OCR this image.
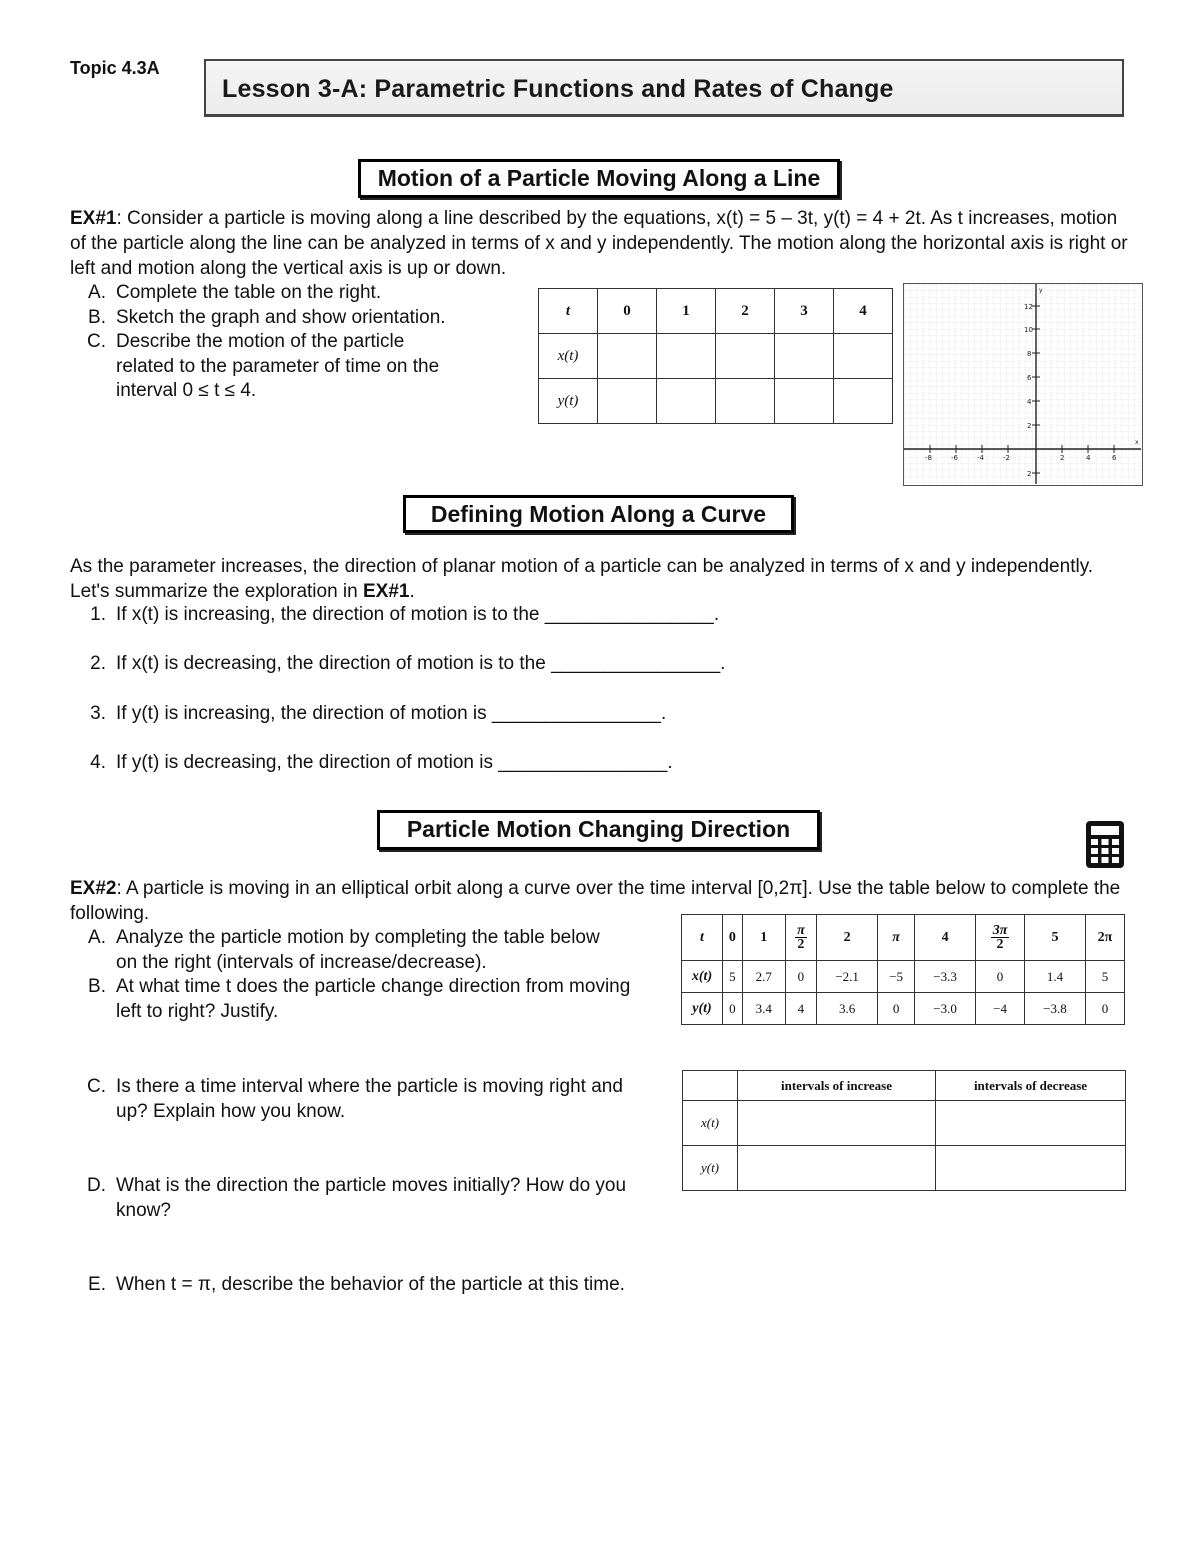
Topic 4.3A
Lesson 3-A: Parametric Functions and Rates of Change
Motion of a Particle Moving Along a Line
EX#1: Consider a particle is moving along a line described by the equations, x(t) = 5 – 3t, y(t) = 4 + 2t. As t increases, motion of the particle along the line can be analyzed in terms of x and y independently. The motion along the horizontal axis is right or left and motion along the vertical axis is up or down.
A. Complete the table on the right.
B. Sketch the graph and show orientation.
C. Describe the motion of the particle related to the parameter of time on the interval 0 ≤ t ≤ 4.
t	0	1	2	3	4
x(t)					
y(t)					
12
10
8
6
4
2
2
-8	-6	-4	-2	2	4	6
y
x
Defining Motion Along a Curve
As the parameter increases, the direction of planar motion of a particle can be analyzed in terms of x and y independently. Let's summarize the exploration in EX#1.
1. If x(t) is increasing, the direction of motion is to the ________________.
2. If x(t) is decreasing, the direction of motion is to the ________________.
3. If y(t) is increasing, the direction of motion is ________________.
4. If y(t) is decreasing, the direction of motion is ________________.
Particle Motion Changing Direction
EX#2: A particle is moving in an elliptical orbit along a curve over the time interval [0,2π]. Use the table below to complete the following.
A. Analyze the particle motion by completing the table below on the right (intervals of increase/decrease).
B. At what time t does the particle change direction from moving left to right? Justify.
C. Is there a time interval where the particle is moving right and up? Explain how you know.
D. What is the direction the particle moves initially? How do you know?
E. When t = π, describe the behavior of the particle at this time.
t	0	1	$\frac{\pi}{2}$	2	π	4	$\frac{3\pi}{2}$	5	2π
x(t)	5	2.7	0	−2.1	−5	−3.3	0	1.4	5
y(t)	0	3.4	4	3.6	0	−3.0	−4	−3.8	0
	intervals of increase	intervals of decrease
x(t)		
y(t)		
